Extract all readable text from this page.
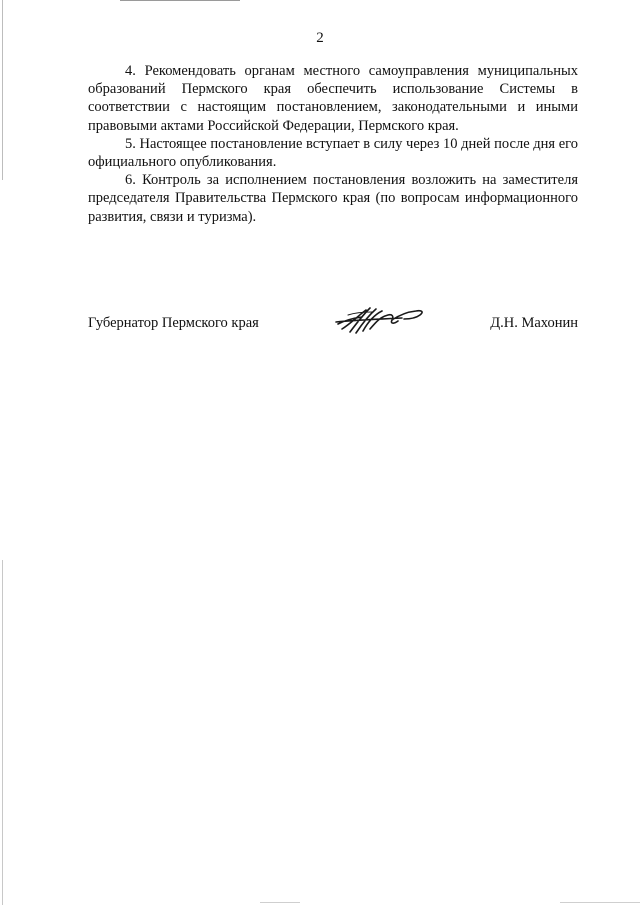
2

4. Рекомендовать органам местного самоуправления муниципальных образований Пермского края обеспечить использование Системы в соответствии с настоящим постановлением, законодательными и иными правовыми актами Российской Федерации, Пермского края.

5. Настоящее постановление вступает в силу через 10 дней после дня его официального опубликования.

6. Контроль за исполнением постановления возложить на заместителя председателя Правительства Пермского края (по вопросам информационного развития, связи и туризма).

Губернатор Пермского края	Д.Н. Махонин
